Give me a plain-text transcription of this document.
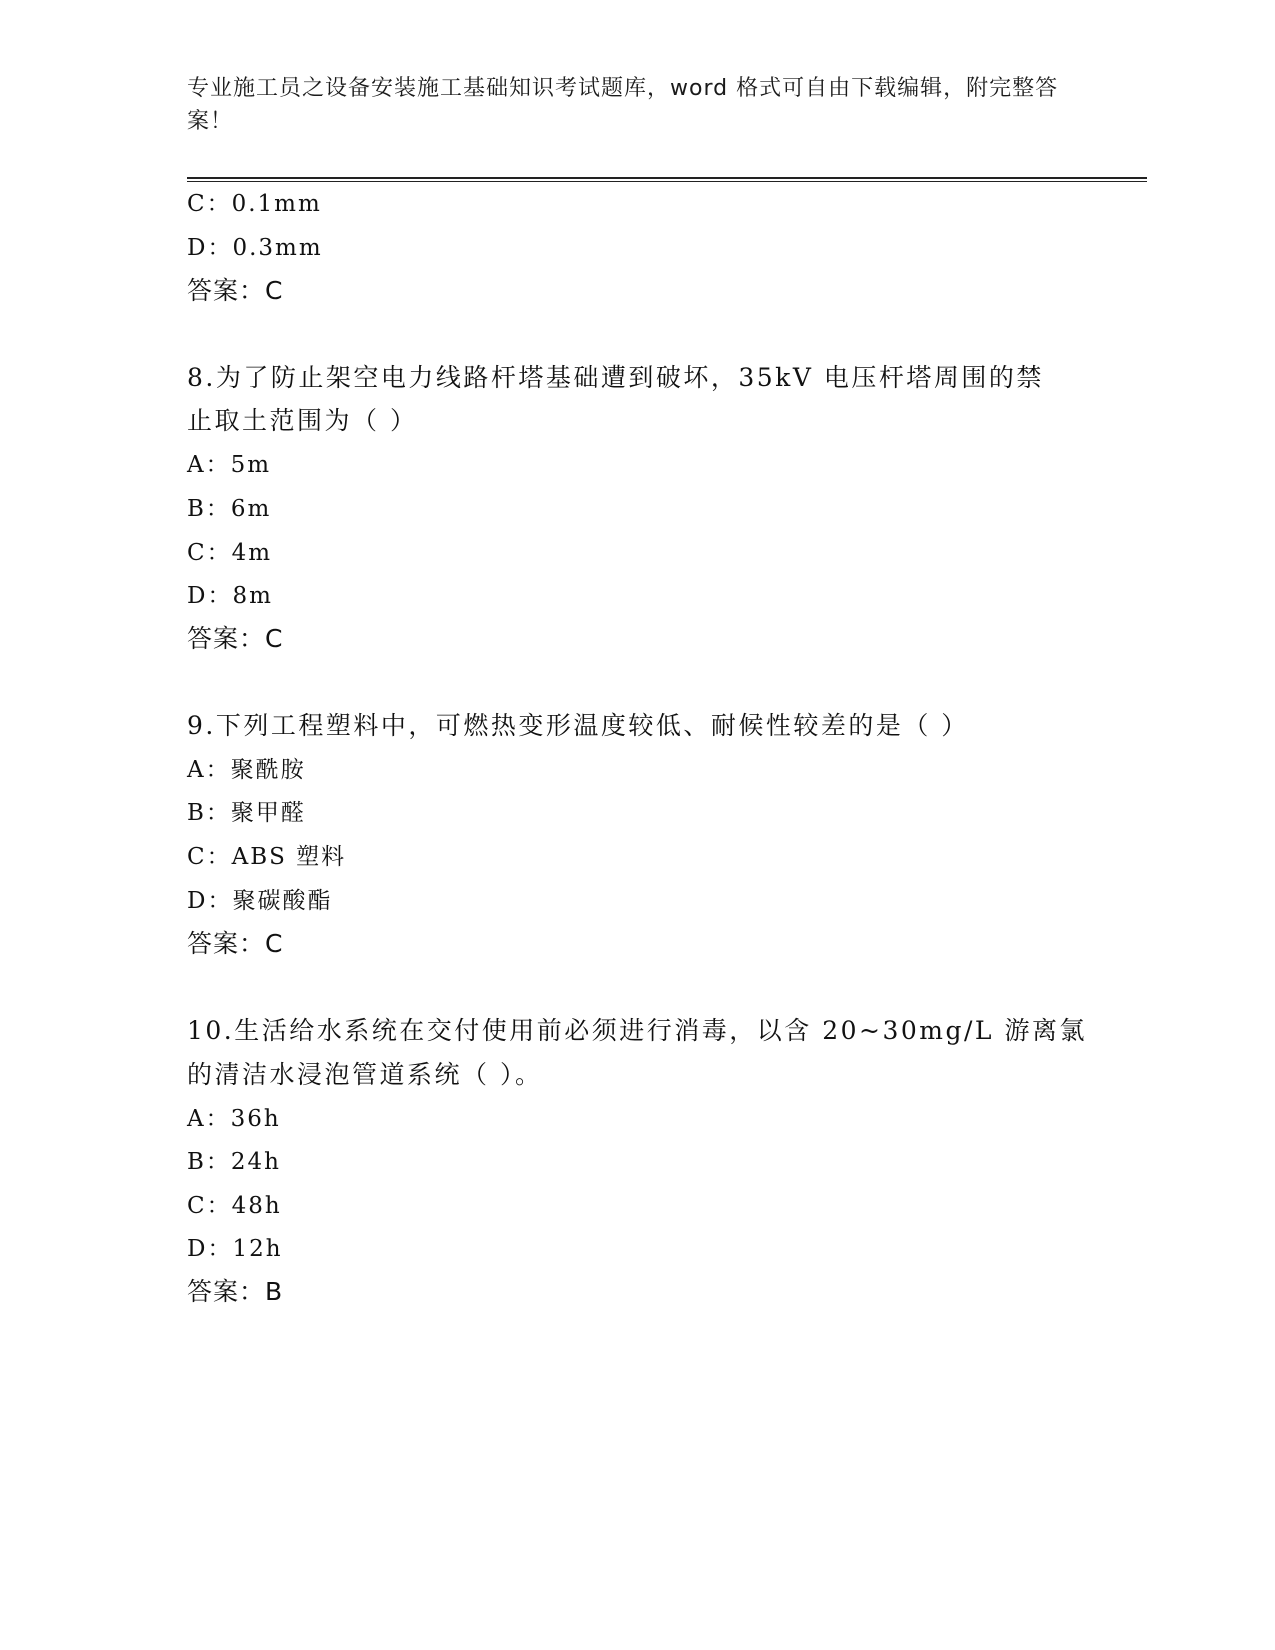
专业施工员之设备安装施工基础知识考试题库，word 格式可自由下载编辑，附完整答案！
C：0.1mm
D：0.3mm
答案：C
8.为了防止架空电力线路杆塔基础遭到破坏，35kV 电压杆塔周围的禁
止取土范围为（ ）
A：5m
B：6m
C：4m
D：8m
答案：C
9.下列工程塑料中，可燃热变形温度较低、耐候性较差的是（ ）
A：聚酰胺
B：聚甲醛
C：ABS 塑料
D：聚碳酸酯
答案：C
10.生活给水系统在交付使用前必须进行消毒，以含 20~30mg/L 游离氯
的清洁水浸泡管道系统（ ）。
A：36h
B：24h
C：48h
D：12h
答案：B
